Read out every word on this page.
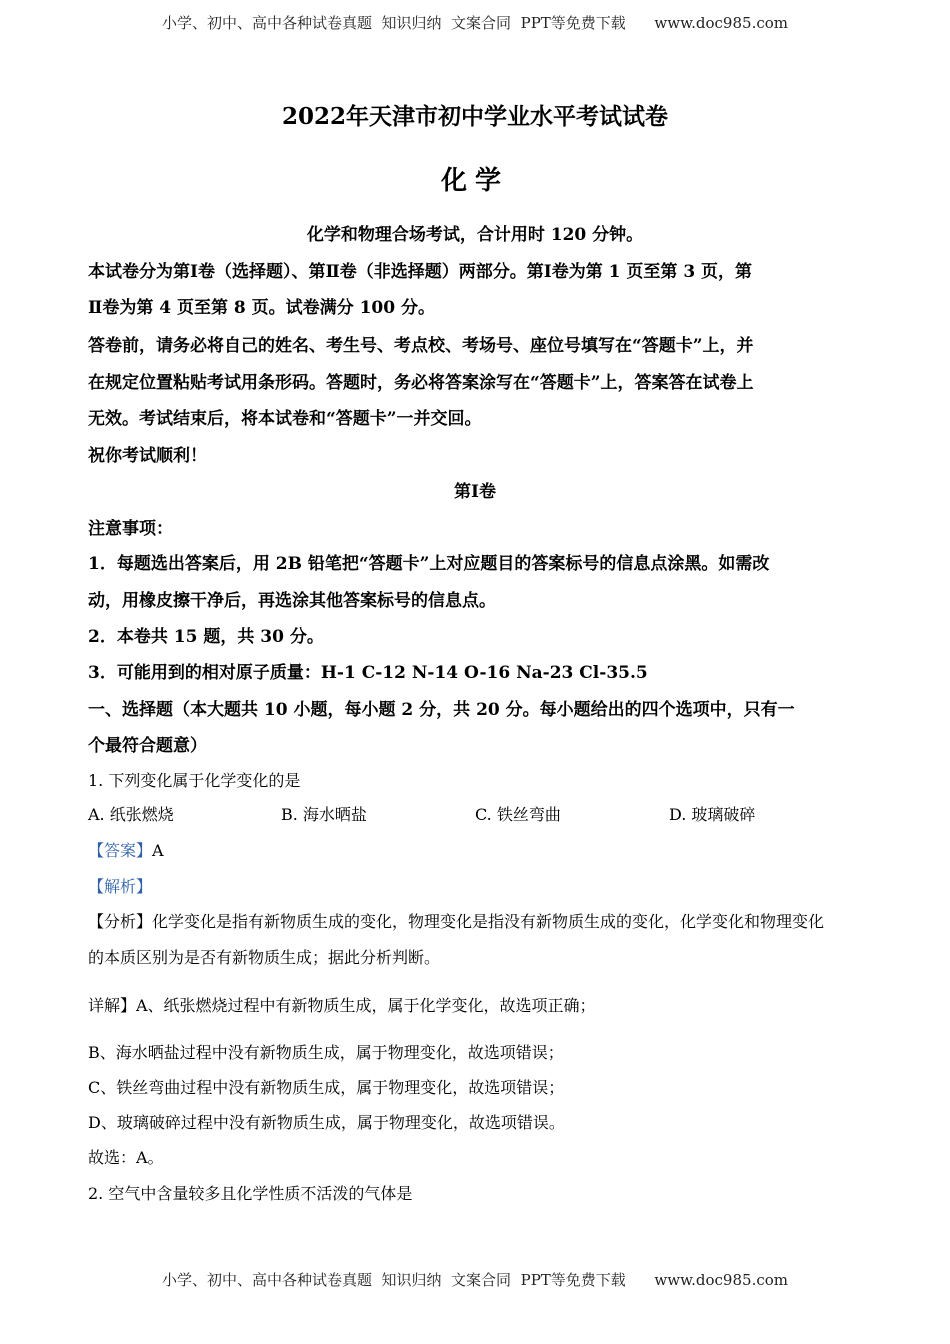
小学、初中、高中各种试卷真题  知识归纳  文案合同  PPT等免费下载      www.doc985.com
2022年天津市初中学业水平考试试卷
化学
化学和物理合场考试，合计用时 120 分钟。
本试卷分为第Ⅰ卷（选择题）、第Ⅱ卷（非选择题）两部分。第Ⅰ卷为第 1 页至第 3 页，第
Ⅱ卷为第 4 页至第 8 页。试卷满分 100 分。
答卷前，请务必将自己的姓名、考生号、考点校、考场号、座位号填写在“答题卡”上，并
在规定位置粘贴考试用条形码。答题时，务必将答案涂写在“答题卡”上，答案答在试卷上
无效。考试结束后，将本试卷和“答题卡”一并交回。
祝你考试顺利！
第Ⅰ卷
注意事项：
1．每题选出答案后，用 2B 铅笔把“答题卡”上对应题目的答案标号的信息点涂黑。如需改
动，用橡皮擦干净后，再选涂其他答案标号的信息点。
2．本卷共 15 题，共 30 分。
3．可能用到的相对原子质量：H-1 C-12 N-14 O-16 Na-23 Cl-35.5
一、选择题（本大题共 10 小题，每小题 2 分，共 20 分。每小题给出的四个选项中，只有一
个最符合题意）
1. 下列变化属于化学变化的是
A. 纸张燃烧	B. 海水晒盐	C. 铁丝弯曲	D. 玻璃破碎
【答案】A
【解析】
【分析】化学变化是指有新物质生成的变化，物理变化是指没有新物质生成的变化，化学变化和物理变化
的本质区别为是否有新物质生成；据此分析判断。
详解】A、纸张燃烧过程中有新物质生成，属于化学变化，故选项正确；
B、海水晒盐过程中没有新物质生成，属于物理变化，故选项错误；
C、铁丝弯曲过程中没有新物质生成，属于物理变化，故选项错误；
D、玻璃破碎过程中没有新物质生成，属于物理变化，故选项错误。
故选：A。
2. 空气中含量较多且化学性质不活泼的气体是
小学、初中、高中各种试卷真题  知识归纳  文案合同  PPT等免费下载      www.doc985.com
